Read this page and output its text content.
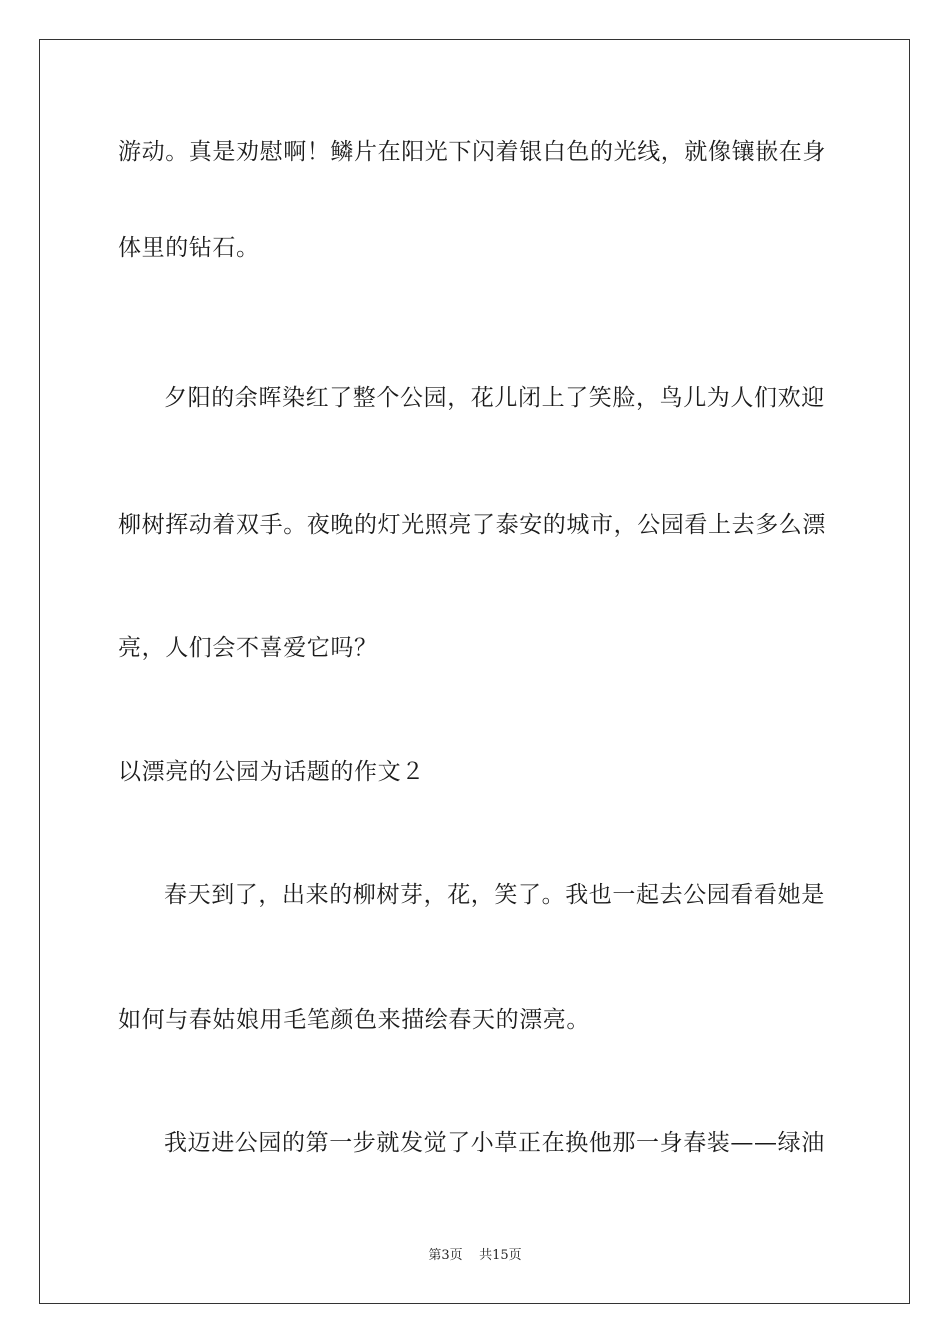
游动。真是劝慰啊！鳞片在阳光下闪着银白色的光线，就像镶嵌在身
体里的钻石。
夕阳的余晖染红了整个公园，花儿闭上了笑脸，鸟儿为人们欢迎
柳树挥动着双手。夜晚的灯光照亮了泰安的城市，公园看上去多么漂
亮，人们会不喜爱它吗？
以漂亮的公园为话题的作文２
春天到了，出来的柳树芽，花，笑了。我也一起去公园看看她是
如何与春姑娘用毛笔颜色来描绘春天的漂亮。
我迈进公园的第一步就发觉了小草正在换他那一身春装——绿油
第3页 共15页
